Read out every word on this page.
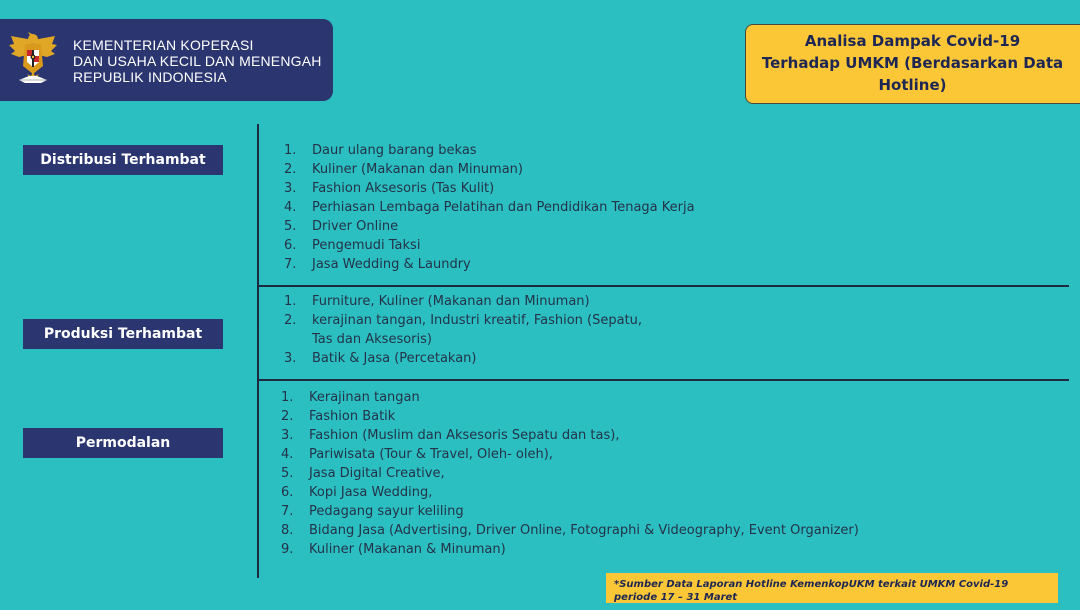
KEMENTERIAN KOPERASI
DAN USAHA KECIL DAN MENENGAH
REPUBLIK INDONESIA
Analisa Dampak Covid-19
Terhadap UMKM (Berdasarkan Data
Hotline)
Distribusi Terhambat
Produksi Terhambat
Permodalan
1. Daur ulang barang bekas
2. Kuliner (Makanan dan Minuman)
3. Fashion Aksesoris (Tas Kulit)
4. Perhiasan Lembaga Pelatihan dan Pendidikan Tenaga Kerja
5. Driver Online
6. Pengemudi Taksi
7. Jasa Wedding & Laundry
1. Furniture, Kuliner (Makanan dan Minuman)
2. kerajinan tangan, Industri kreatif, Fashion (Sepatu,
Tas dan Aksesoris)
3. Batik & Jasa (Percetakan)
1. Kerajinan tangan
2. Fashion Batik
3. Fashion (Muslim dan Aksesoris Sepatu dan tas),
4. Pariwisata (Tour & Travel, Oleh- oleh),
5. Jasa Digital Creative,
6. Kopi Jasa Wedding,
7. Pedagang sayur keliling
8. Bidang Jasa (Advertising, Driver Online, Fotographi & Videography, Event Organizer)
9. Kuliner (Makanan & Minuman)
*Sumber Data Laporan Hotline KemenkopUKM terkait UMKM Covid-19 periode 17 – 31 Maret
